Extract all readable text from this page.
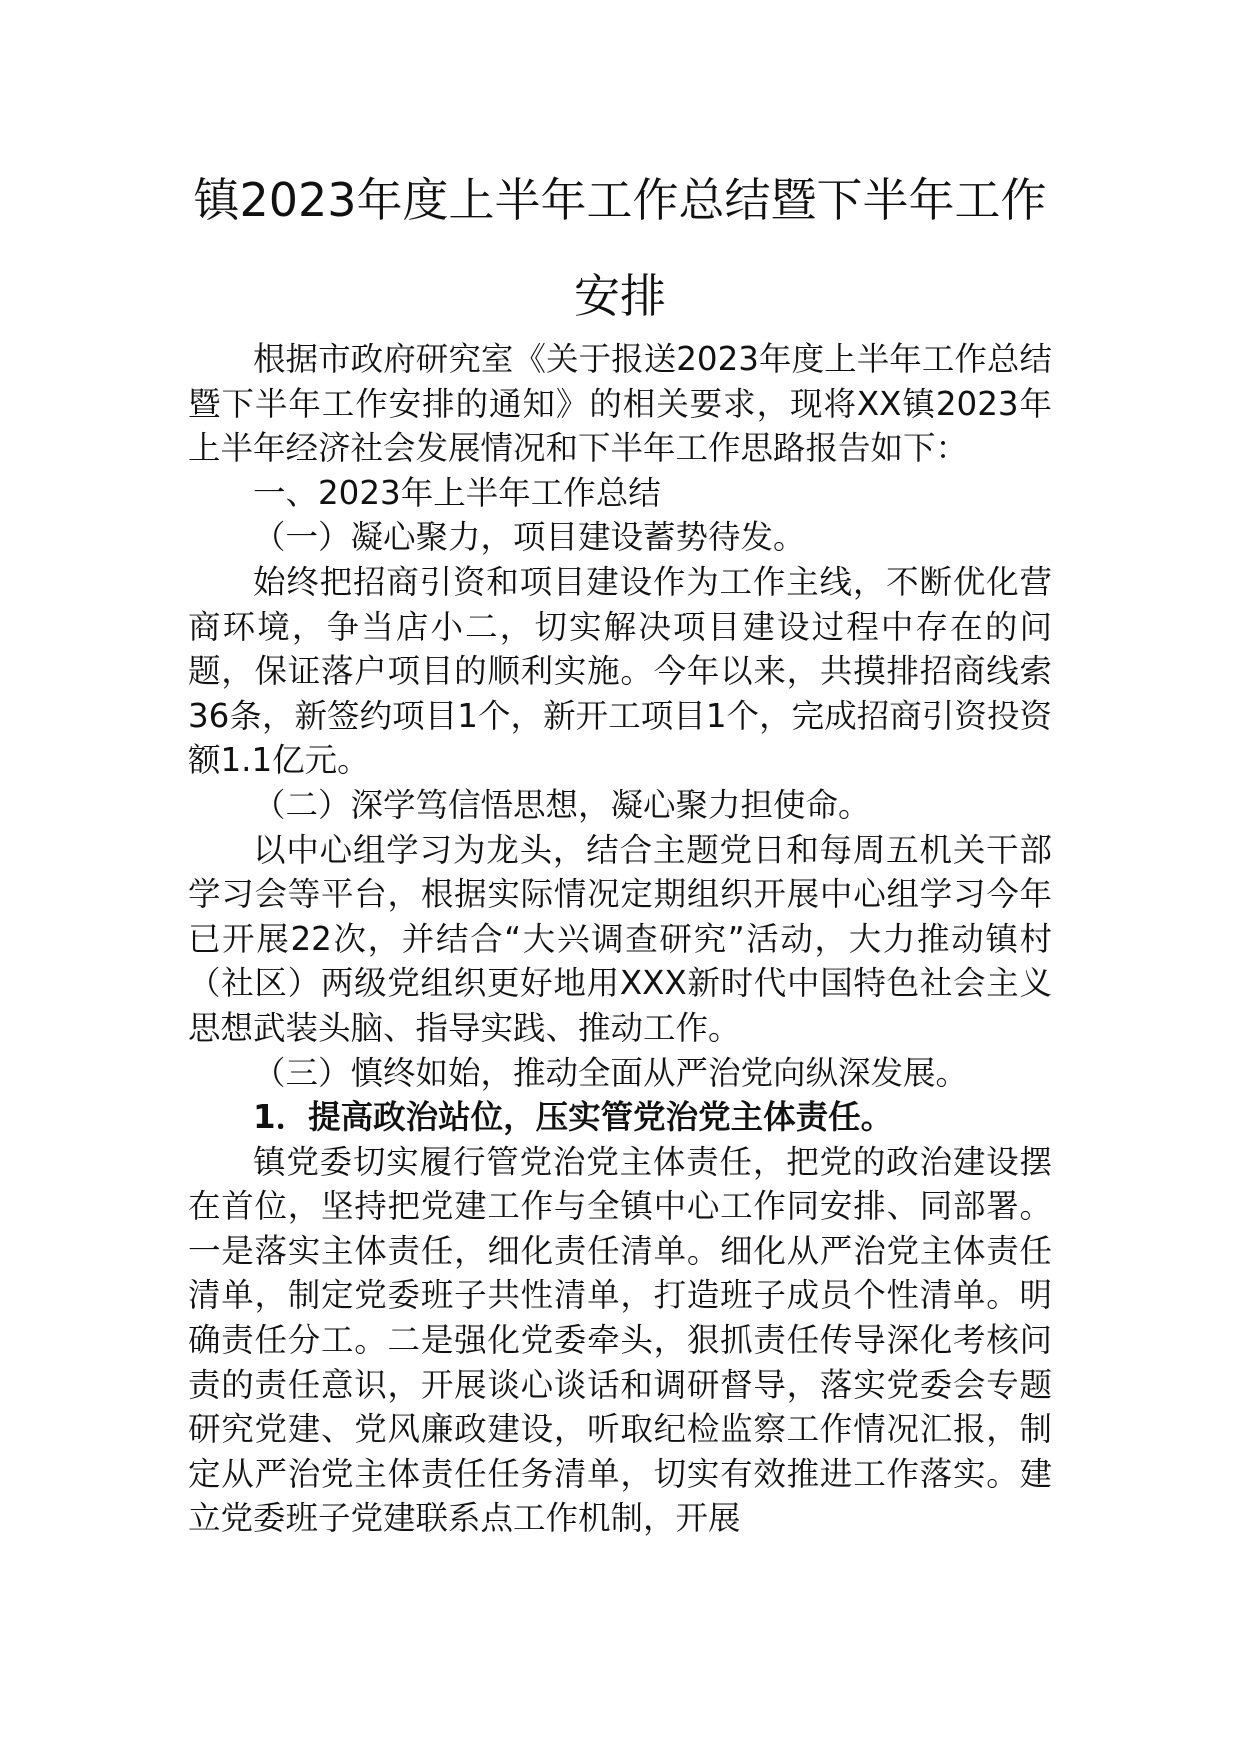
镇2023年度上半年工作总结暨下半年工作
安排

根据市政府研究室《关于报送2023年度上半年工作总结暨下半年工作安排的通知》的相关要求，现将XX镇2023年上半年经济社会发展情况和下半年工作思路报告如下：

一、2023年上半年工作总结

（一）凝心聚力，项目建设蓄势待发。

始终把招商引资和项目建设作为工作主线，不断优化营商环境，争当店小二，切实解决项目建设过程中存在的问题，保证落户项目的顺利实施。今年以来，共摸排招商线索36条，新签约项目1个，新开工项目1个，完成招商引资投资额1.1亿元。

（二）深学笃信悟思想，凝心聚力担使命。

以中心组学习为龙头，结合主题党日和每周五机关干部学习会等平台，根据实际情况定期组织开展中心组学习今年已开展22次，并结合“大兴调查研究”活动，大力推动镇村（社区）两级党组织更好地用XXX新时代中国特色社会主义思想武装头脑、指导实践、推动工作。

（三）慎终如始，推动全面从严治党向纵深发展。

1．提高政治站位，压实管党治党主体责任。

镇党委切实履行管党治党主体责任，把党的政治建设摆在首位，坚持把党建工作与全镇中心工作同安排、同部署。一是落实主体责任，细化责任清单。细化从严治党主体责任清单，制定党委班子共性清单，打造班子成员个性清单。明确责任分工。二是强化党委牵头，狠抓责任传导深化考核问责的责任意识，开展谈心谈话和调研督导，落实党委会专题研究党建、党风廉政建设，听取纪检监察工作情况汇报，制定从严治党主体责任任务清单，切实有效推进工作落实。建立党委班子党建联系点工作机制，开展
